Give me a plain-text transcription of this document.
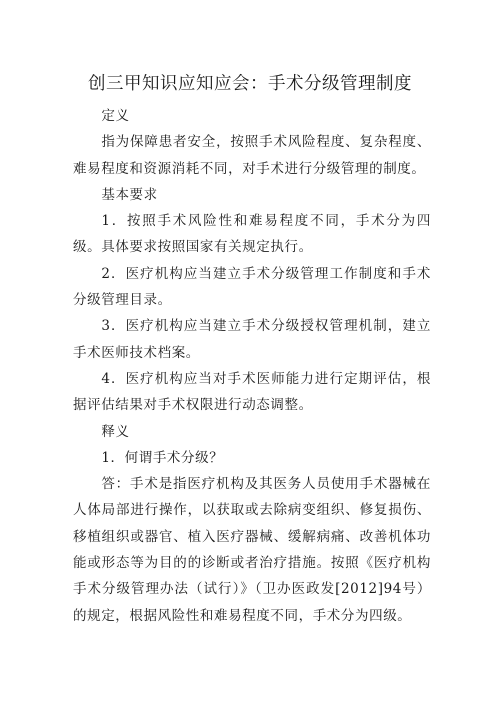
创三甲知识应知应会：手术分级管理制度

定义

指为保障患者安全，按照手术风险程度、复杂程度、难易程度和资源消耗不同，对手术进行分级管理的制度。

基本要求

1．按照手术风险性和难易程度不同，手术分为四级。具体要求按照国家有关规定执行。

2．医疗机构应当建立手术分级管理工作制度和手术分级管理目录。

3．医疗机构应当建立手术分级授权管理机制，建立手术医师技术档案。

4．医疗机构应当对手术医师能力进行定期评估，根据评估结果对手术权限进行动态调整。

释义

1．何谓手术分级？

答：手术是指医疗机构及其医务人员使用手术器械在人体局部进行操作，以获取或去除病变组织、修复损伤、移植组织或器官、植入医疗器械、缓解病痛、改善机体功能或形态等为目的的诊断或者治疗措施。按照《医疗机构手术分级管理办法（试行）》（卫办医政发[2012]94号）的规定，根据风险性和难易程度不同，手术分为四级。
